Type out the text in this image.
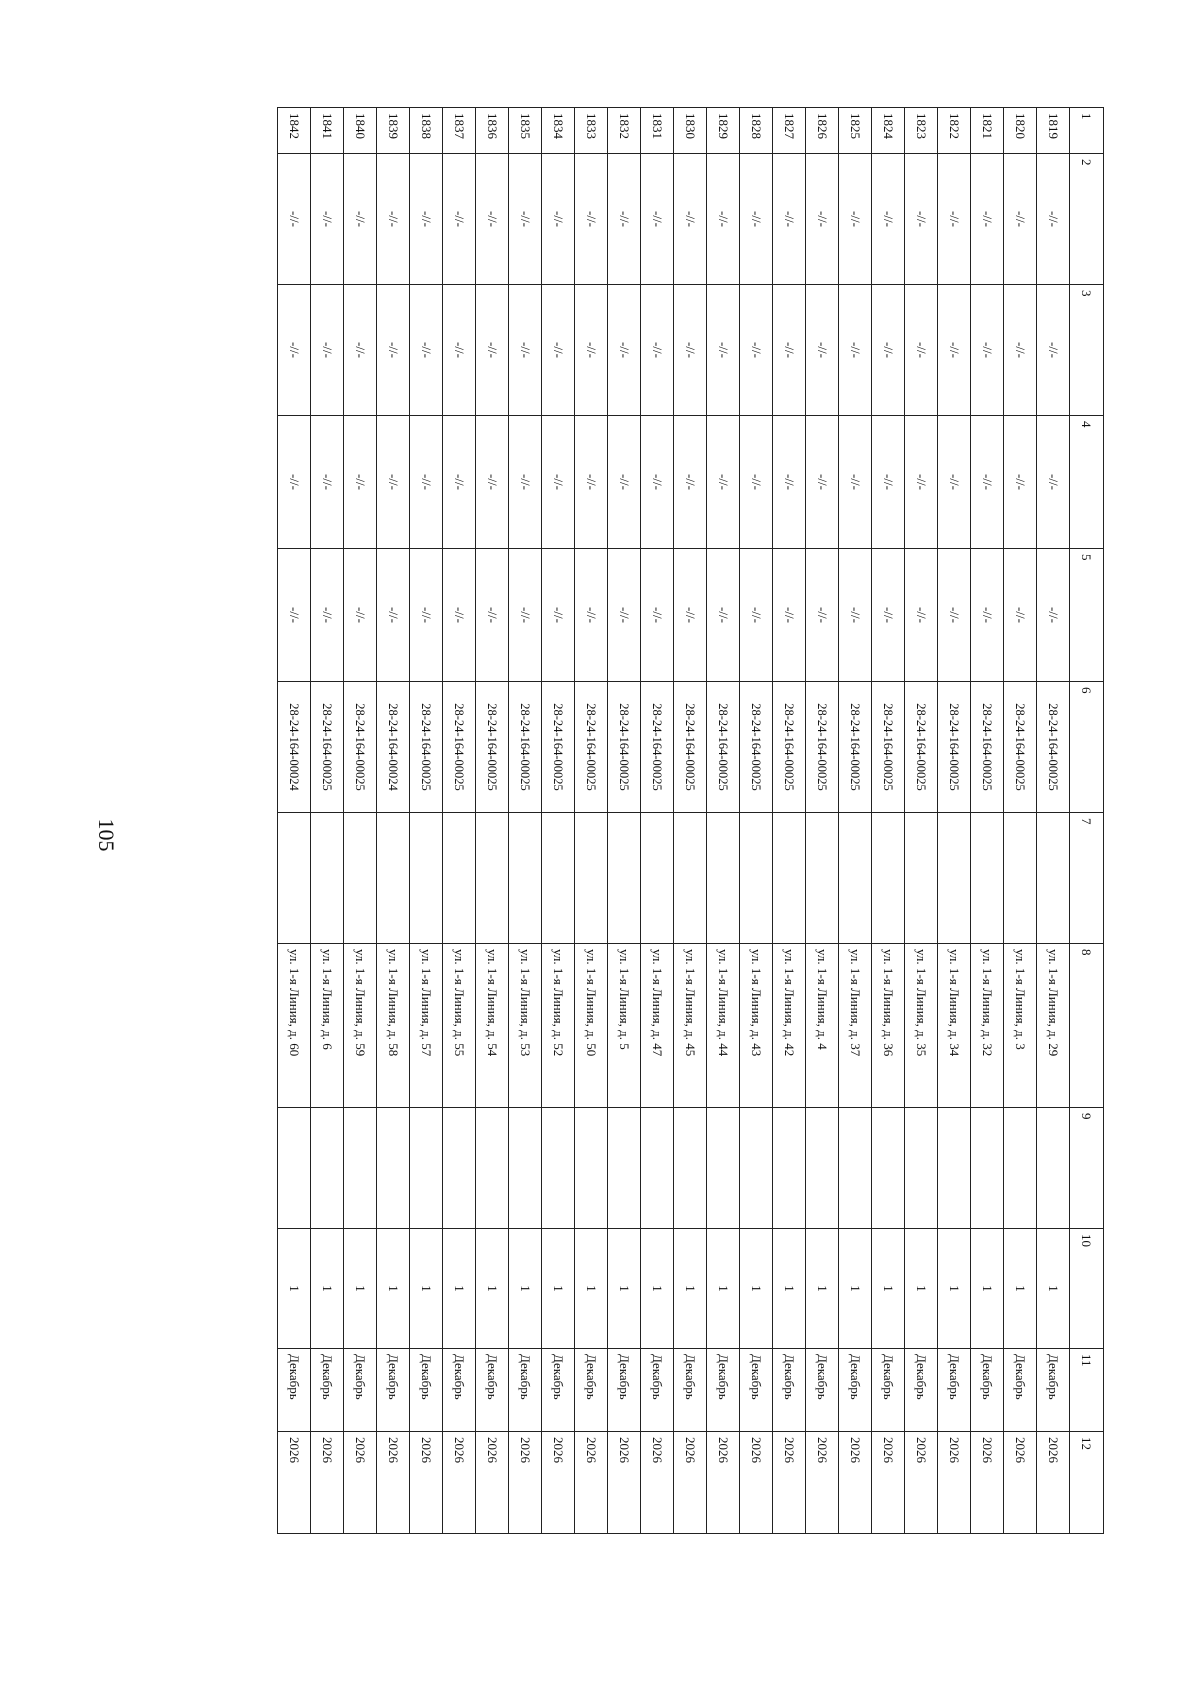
105
1	2	3	4	5	6	7	8	9	10	11	12
1819	-//-	-//-	-//-	-//-	28-24-164-00025		ул. 1-я Линия, д. 29		1	Декабрь	2026
1820	-//-	-//-	-//-	-//-	28-24-164-00025		ул. 1-я Линия, д. 3		1	Декабрь	2026
1821	-//-	-//-	-//-	-//-	28-24-164-00025		ул. 1-я Линия, д. 32		1	Декабрь	2026
1822	-//-	-//-	-//-	-//-	28-24-164-00025		ул. 1-я Линия, д. 34		1	Декабрь	2026
1823	-//-	-//-	-//-	-//-	28-24-164-00025		ул. 1-я Линия, д. 35		1	Декабрь	2026
1824	-//-	-//-	-//-	-//-	28-24-164-00025		ул. 1-я Линия, д. 36		1	Декабрь	2026
1825	-//-	-//-	-//-	-//-	28-24-164-00025		ул. 1-я Линия, д. 37		1	Декабрь	2026
1826	-//-	-//-	-//-	-//-	28-24-164-00025		ул. 1-я Линия, д. 4		1	Декабрь	2026
1827	-//-	-//-	-//-	-//-	28-24-164-00025		ул. 1-я Линия, д. 42		1	Декабрь	2026
1828	-//-	-//-	-//-	-//-	28-24-164-00025		ул. 1-я Линия, д. 43		1	Декабрь	2026
1829	-//-	-//-	-//-	-//-	28-24-164-00025		ул. 1-я Линия, д. 44		1	Декабрь	2026
1830	-//-	-//-	-//-	-//-	28-24-164-00025		ул. 1-я Линия, д. 45		1	Декабрь	2026
1831	-//-	-//-	-//-	-//-	28-24-164-00025		ул. 1-я Линия, д. 47		1	Декабрь	2026
1832	-//-	-//-	-//-	-//-	28-24-164-00025		ул. 1-я Линия, д. 5		1	Декабрь	2026
1833	-//-	-//-	-//-	-//-	28-24-164-00025		ул. 1-я Линия, д. 50		1	Декабрь	2026
1834	-//-	-//-	-//-	-//-	28-24-164-00025		ул. 1-я Линия, д. 52		1	Декабрь	2026
1835	-//-	-//-	-//-	-//-	28-24-164-00025		ул. 1-я Линия, д. 53		1	Декабрь	2026
1836	-//-	-//-	-//-	-//-	28-24-164-00025		ул. 1-я Линия, д. 54		1	Декабрь	2026
1837	-//-	-//-	-//-	-//-	28-24-164-00025		ул. 1-я Линия, д. 55		1	Декабрь	2026
1838	-//-	-//-	-//-	-//-	28-24-164-00025		ул. 1-я Линия, д. 57		1	Декабрь	2026
1839	-//-	-//-	-//-	-//-	28-24-164-00024		ул. 1-я Линия, д. 58		1	Декабрь	2026
1840	-//-	-//-	-//-	-//-	28-24-164-00025		ул. 1-я Линия, д. 59		1	Декабрь	2026
1841	-//-	-//-	-//-	-//-	28-24-164-00025		ул. 1-я Линия, д. 6		1	Декабрь	2026
1842	-//-	-//-	-//-	-//-	28-24-164-00024		ул. 1-я Линия, д. 60		1	Декабрь	2026
